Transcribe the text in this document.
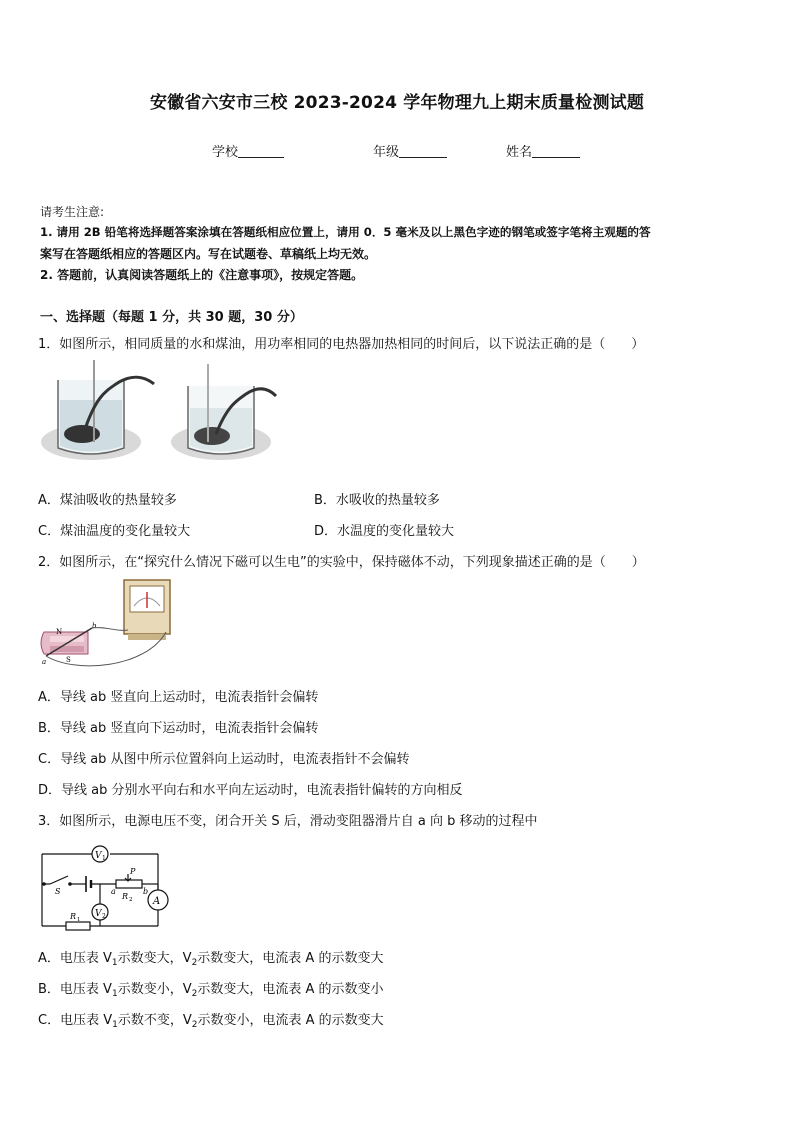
安徽省六安市三校 2023-2024 学年物理九上期末质量检测试题
学校	年级	姓名
请考生注意:
1. 请用 2B 铅笔将选择题答案涂填在答题纸相应位置上，请用 0．5 毫米及以上黑色字迹的钢笔或签字笔将主观题的答
案写在答题纸相应的答题区内。写在试题卷、草稿纸上均无效。
2. 答题前，认真阅读答题纸上的《注意事项》，按规定答题。
一、选择题（每题 1 分，共 30 题，30 分）
1．如图所示，相同质量的水和煤油，用功率相同的电热器加热相同的时间后，以下说法正确的是（　　）
A．煤油吸收的热量较多	B．水吸收的热量较多
C．煤油温度的变化量较大	D．水温度的变化量较大
2．如图所示，在“探究什么情况下磁可以生电”的实验中，保持磁体不动，下列现象描述正确的是（　　）
N
S
a
b
A．导线 ab 竖直向上运动时，电流表指针会偏转
B．导线 ab 竖直向下运动时，电流表指针会偏转
C．导线 ab 从图中所示位置斜向上运动时，电流表指针不会偏转
D．导线 ab 分别水平向右和水平向左运动时，电流表指针偏转的方向相反
3．如图所示，电源电压不变，闭合开关 S 后，滑动变阻器滑片自 a 向 b 移动的过程中
V 1
V 2
A
P
R 2
R 1
S	a	b
A．电压表 $V_1$示数变大，$V_2$示数变大，电流表 A 的示数变大
B．电压表 $V_1$示数变小，$V_2$示数变大，电流表 A 的示数变小
C．电压表 $V_1$示数不变，$V_2$示数变小，电流表 A 的示数变大
